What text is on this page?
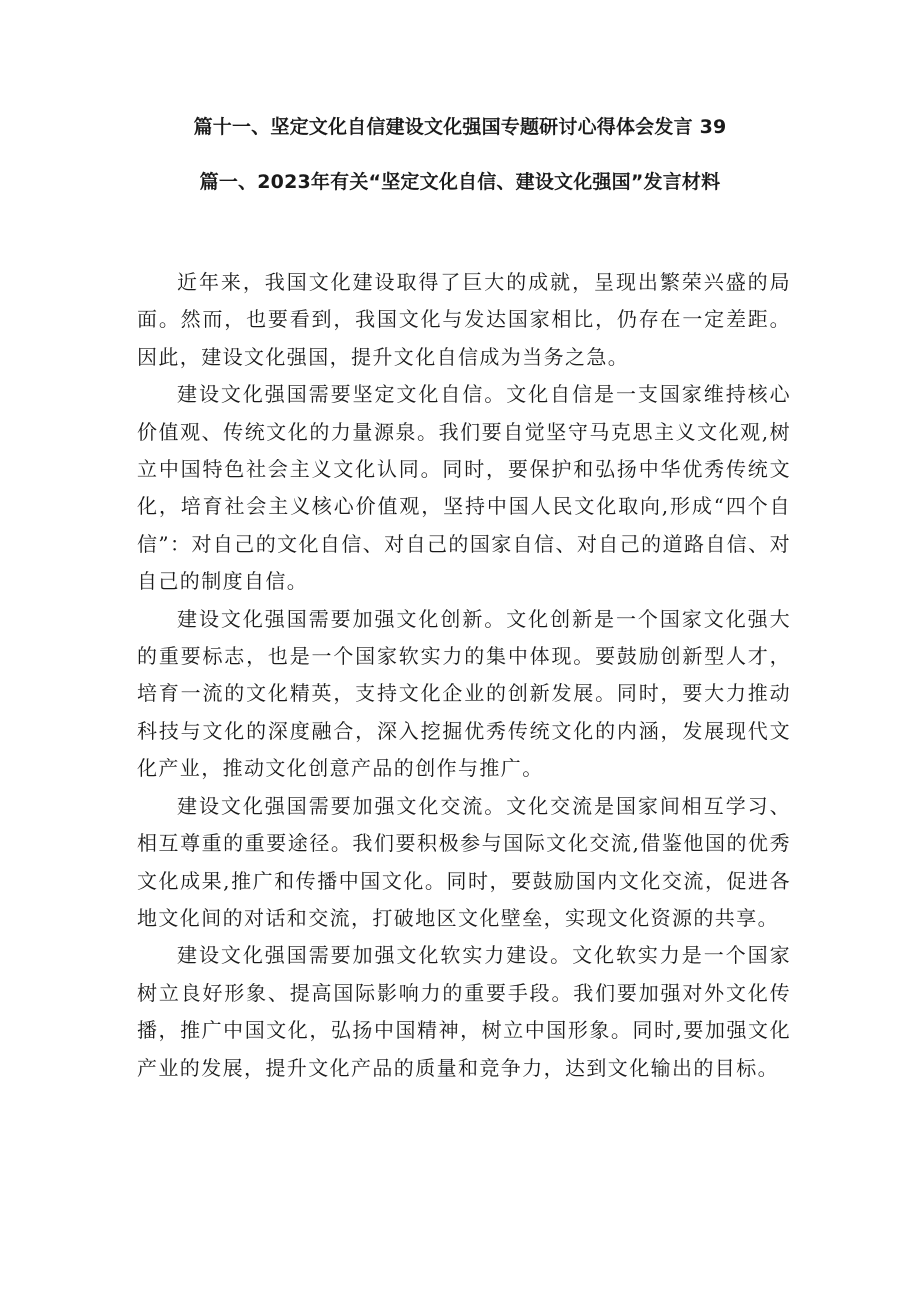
篇十一、坚定文化自信建设文化强国专题研讨心得体会发言 39
篇一、2023年有关“坚定文化自信、建设文化强国”发言材料

近年来，我国文化建设取得了巨大的成就，呈现出繁荣兴盛的局面。然而，也要看到，我国文化与发达国家相比，仍存在一定差距。因此，建设文化强国，提升文化自信成为当务之急。

建设文化强国需要坚定文化自信。文化自信是一支国家维持核心价值观、传统文化的力量源泉。我们要自觉坚守马克思主义文化观,树立中国特色社会主义文化认同。同时，要保护和弘扬中华优秀传统文化，培育社会主义核心价值观，坚持中国人民文化取向,形成“四个自信”：对自己的文化自信、对自己的国家自信、对自己的道路自信、对自己的制度自信。

建设文化强国需要加强文化创新。文化创新是一个国家文化强大的重要标志，也是一个国家软实力的集中体现。要鼓励创新型人才，培育一流的文化精英，支持文化企业的创新发展。同时，要大力推动科技与文化的深度融合，深入挖掘优秀传统文化的内涵，发展现代文化产业，推动文化创意产品的创作与推广。

建设文化强国需要加强文化交流。文化交流是国家间相互学习、相互尊重的重要途径。我们要积极参与国际文化交流,借鉴他国的优秀文化成果,推广和传播中国文化。同时，要鼓励国内文化交流，促进各地文化间的对话和交流，打破地区文化壁垒，实现文化资源的共享。

建设文化强国需要加强文化软实力建设。文化软实力是一个国家树立良好形象、提高国际影响力的重要手段。我们要加强对外文化传播，推广中国文化，弘扬中国精神，树立中国形象。同时,要加强文化产业的发展，提升文化产品的质量和竞争力，达到文化输出的目标。
